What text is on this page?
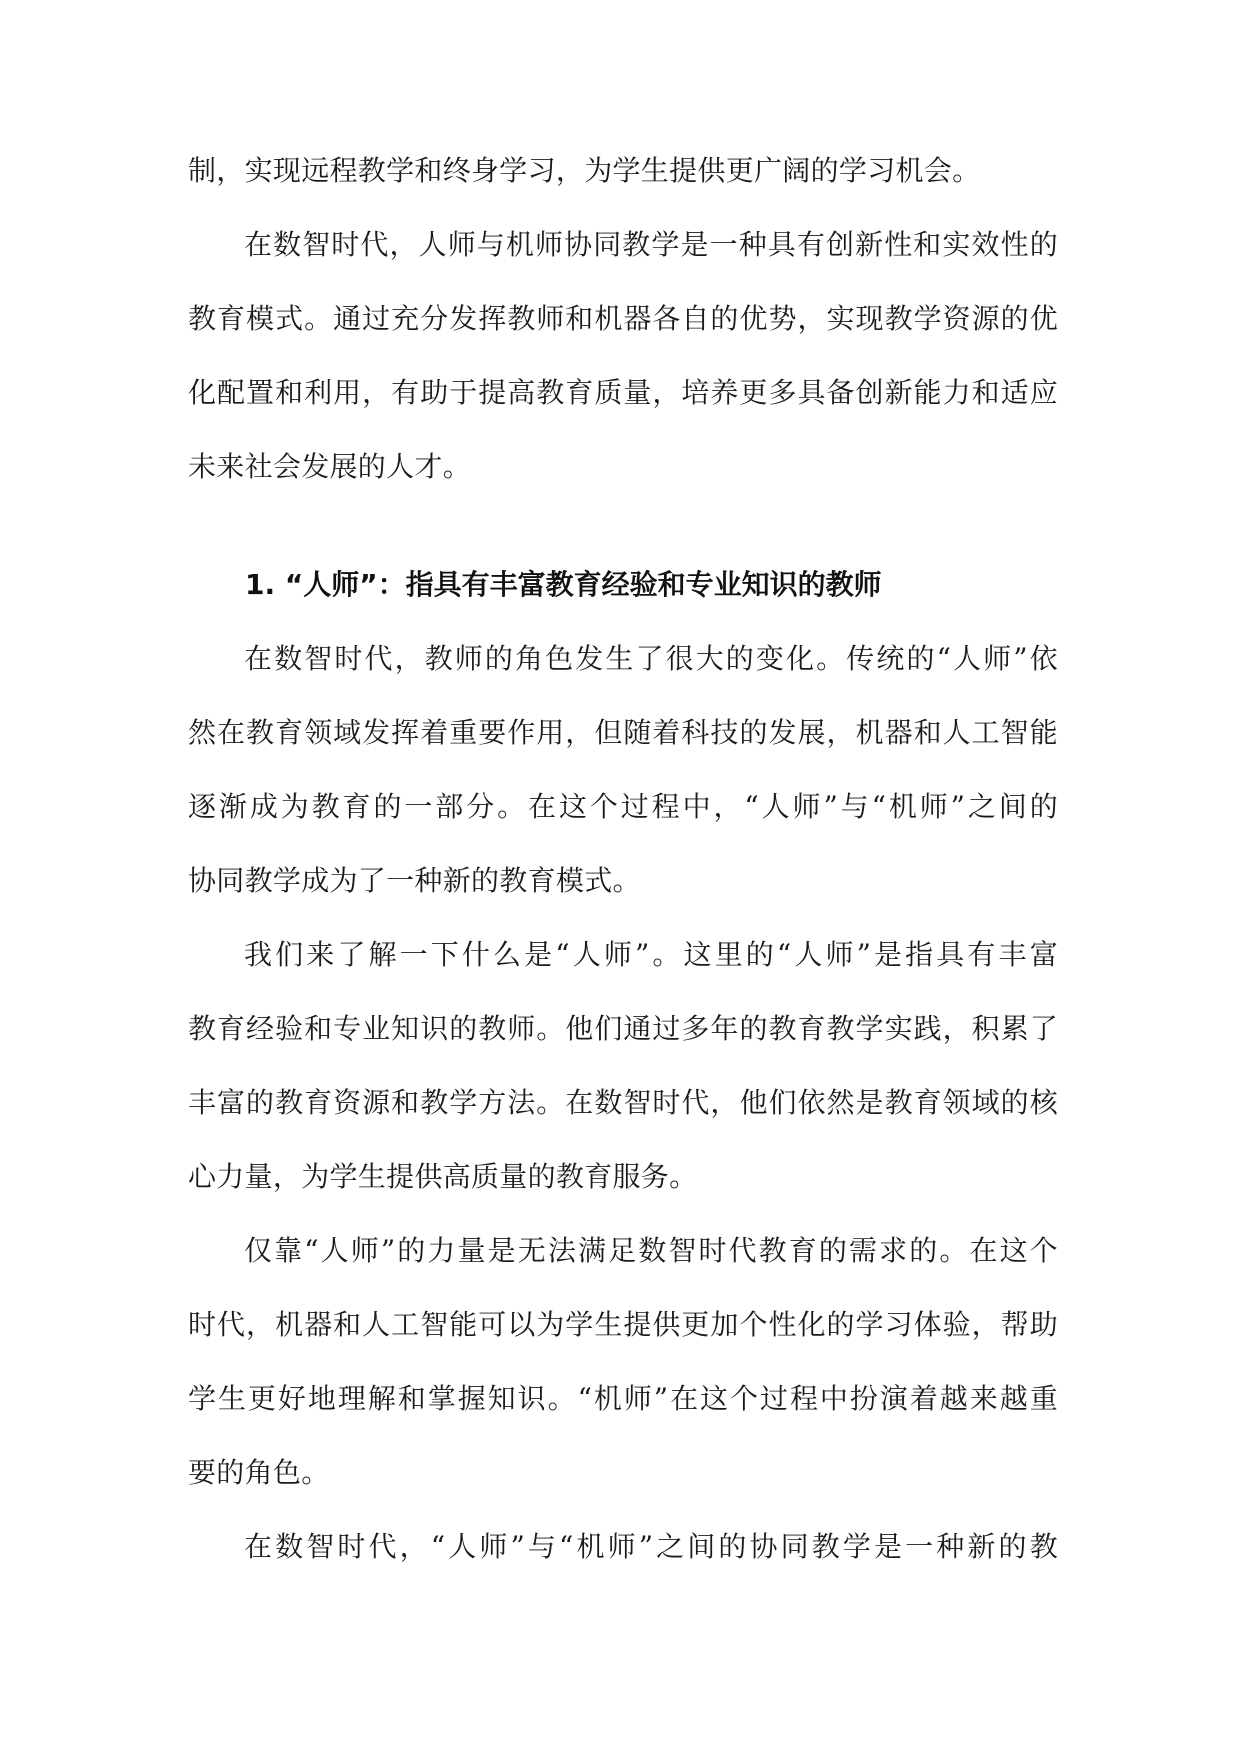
制，实现远程教学和终身学习，为学生提供更广阔的学习机会。
在数智时代，人师与机师协同教学是一种具有创新性和实效性的
教育模式。通过充分发挥教师和机器各自的优势，实现教学资源的优
化配置和利用，有助于提高教育质量，培养更多具备创新能力和适应
未来社会发展的人才。
1. “人师”：指具有丰富教育经验和专业知识的教师
在数智时代，教师的角色发生了很大的变化。传统的“人师”依
然在教育领域发挥着重要作用，但随着科技的发展，机器和人工智能
逐渐成为教育的一部分。在这个过程中，“人师”与“机师”之间的
协同教学成为了一种新的教育模式。
我们来了解一下什么是“人师”。这里的“人师”是指具有丰富
教育经验和专业知识的教师。他们通过多年的教育教学实践，积累了
丰富的教育资源和教学方法。在数智时代，他们依然是教育领域的核
心力量，为学生提供高质量的教育服务。
仅靠“人师”的力量是无法满足数智时代教育的需求的。在这个
时代，机器和人工智能可以为学生提供更加个性化的学习体验，帮助
学生更好地理解和掌握知识。“机师”在这个过程中扮演着越来越重
要的角色。
在数智时代，“人师”与“机师”之间的协同教学是一种新的教
